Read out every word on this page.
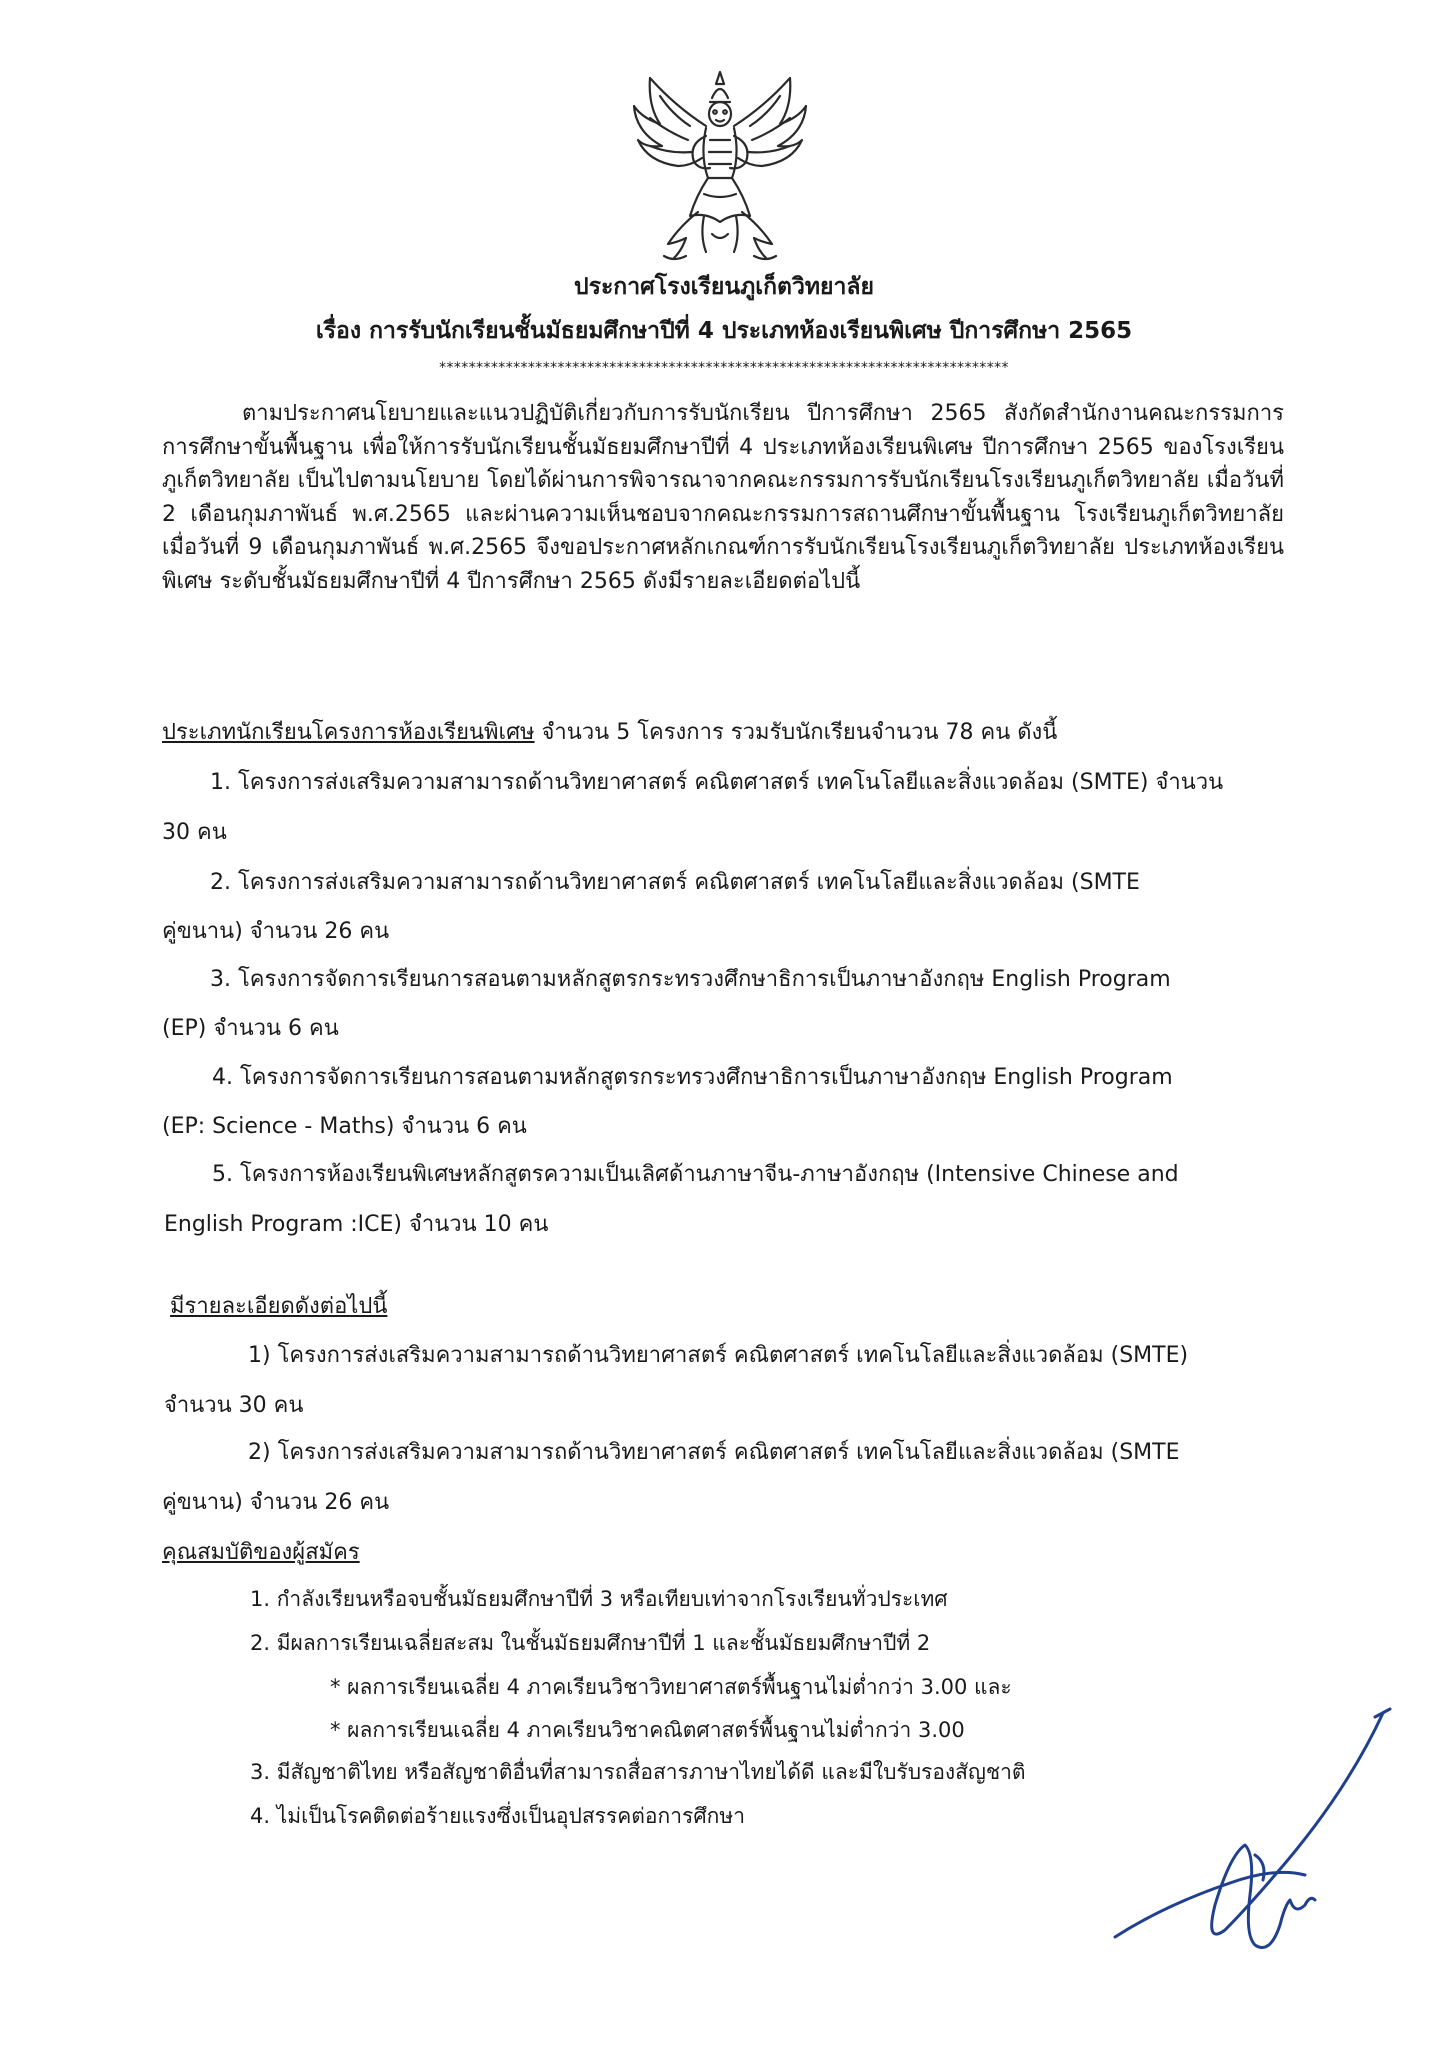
ประกาศโรงเรียนภูเก็ตวิทยาลัย
เรื่อง การรับนักเรียนชั้นมัธยมศึกษาปีที่ 4 ประเภทห้องเรียนพิเศษ ปีการศึกษา 2565
*****************************************************************************
ตามประกาศนโยบายและแนวปฏิบัติเกี่ยวกับการรับนักเรียน ปีการศึกษา 2565 สังกัดสำนักงานคณะกรรมการการศึกษาขั้นพื้นฐาน เพื่อให้การรับนักเรียนชั้นมัธยมศึกษาปีที่ 4 ประเภทห้องเรียนพิเศษ ปีการศึกษา 2565 ของโรงเรียนภูเก็ตวิทยาลัย เป็นไปตามนโยบาย โดยได้ผ่านการพิจารณาจากคณะกรรมการรับนักเรียนโรงเรียนภูเก็ตวิทยาลัย เมื่อวันที่ 2 เดือนกุมภาพันธ์ พ.ศ.2565 และผ่านความเห็นชอบจากคณะกรรมการสถานศึกษาขั้นพื้นฐาน โรงเรียนภูเก็ตวิทยาลัย เมื่อวันที่ 9 เดือนกุมภาพันธ์ พ.ศ.2565 จึงขอประกาศหลักเกณฑ์การรับนักเรียนโรงเรียนภูเก็ตวิทยาลัย ประเภทห้องเรียนพิเศษ ระดับชั้นมัธยมศึกษาปีที่ 4 ปีการศึกษา 2565 ดังมีรายละเอียดต่อไปนี้
ประเภทนักเรียนโครงการห้องเรียนพิเศษ จำนวน 5 โครงการ รวมรับนักเรียนจำนวน 78 คน ดังนี้
1. โครงการส่งเสริมความสามารถด้านวิทยาศาสตร์ คณิตศาสตร์ เทคโนโลยีและสิ่งแวดล้อม (SMTE) จำนวน
30 คน
2. โครงการส่งเสริมความสามารถด้านวิทยาศาสตร์ คณิตศาสตร์ เทคโนโลยีและสิ่งแวดล้อม (SMTE
คู่ขนาน) จำนวน 26 คน
3. โครงการจัดการเรียนการสอนตามหลักสูตรกระทรวงศึกษาธิการเป็นภาษาอังกฤษ English Program
(EP) จำนวน 6 คน
4. โครงการจัดการเรียนการสอนตามหลักสูตรกระทรวงศึกษาธิการเป็นภาษาอังกฤษ English Program
(EP: Science - Maths) จำนวน 6 คน
5. โครงการห้องเรียนพิเศษหลักสูตรความเป็นเลิศด้านภาษาจีน-ภาษาอังกฤษ (Intensive Chinese and
English Program :ICE) จำนวน 10 คน
มีรายละเอียดดังต่อไปนี้
1) โครงการส่งเสริมความสามารถด้านวิทยาศาสตร์ คณิตศาสตร์ เทคโนโลยีและสิ่งแวดล้อม (SMTE)
จำนวน 30 คน
2) โครงการส่งเสริมความสามารถด้านวิทยาศาสตร์ คณิตศาสตร์ เทคโนโลยีและสิ่งแวดล้อม (SMTE
คู่ขนาน) จำนวน 26 คน
คุณสมบัติของผู้สมัคร
1. กำลังเรียนหรือจบชั้นมัธยมศึกษาปีที่ 3 หรือเทียบเท่าจากโรงเรียนทั่วประเทศ
2. มีผลการเรียนเฉลี่ยสะสม ในชั้นมัธยมศึกษาปีที่ 1 และชั้นมัธยมศึกษาปีที่ 2
* ผลการเรียนเฉลี่ย 4 ภาคเรียนวิชาวิทยาศาสตร์พื้นฐานไม่ต่ำกว่า 3.00 และ
* ผลการเรียนเฉลี่ย 4 ภาคเรียนวิชาคณิตศาสตร์พื้นฐานไม่ต่ำกว่า 3.00
3. มีสัญชาติไทย หรือสัญชาติอื่นที่สามารถสื่อสารภาษาไทยได้ดี และมีใบรับรองสัญชาติ
4. ไม่เป็นโรคติดต่อร้ายแรงซึ่งเป็นอุปสรรคต่อการศึกษา
